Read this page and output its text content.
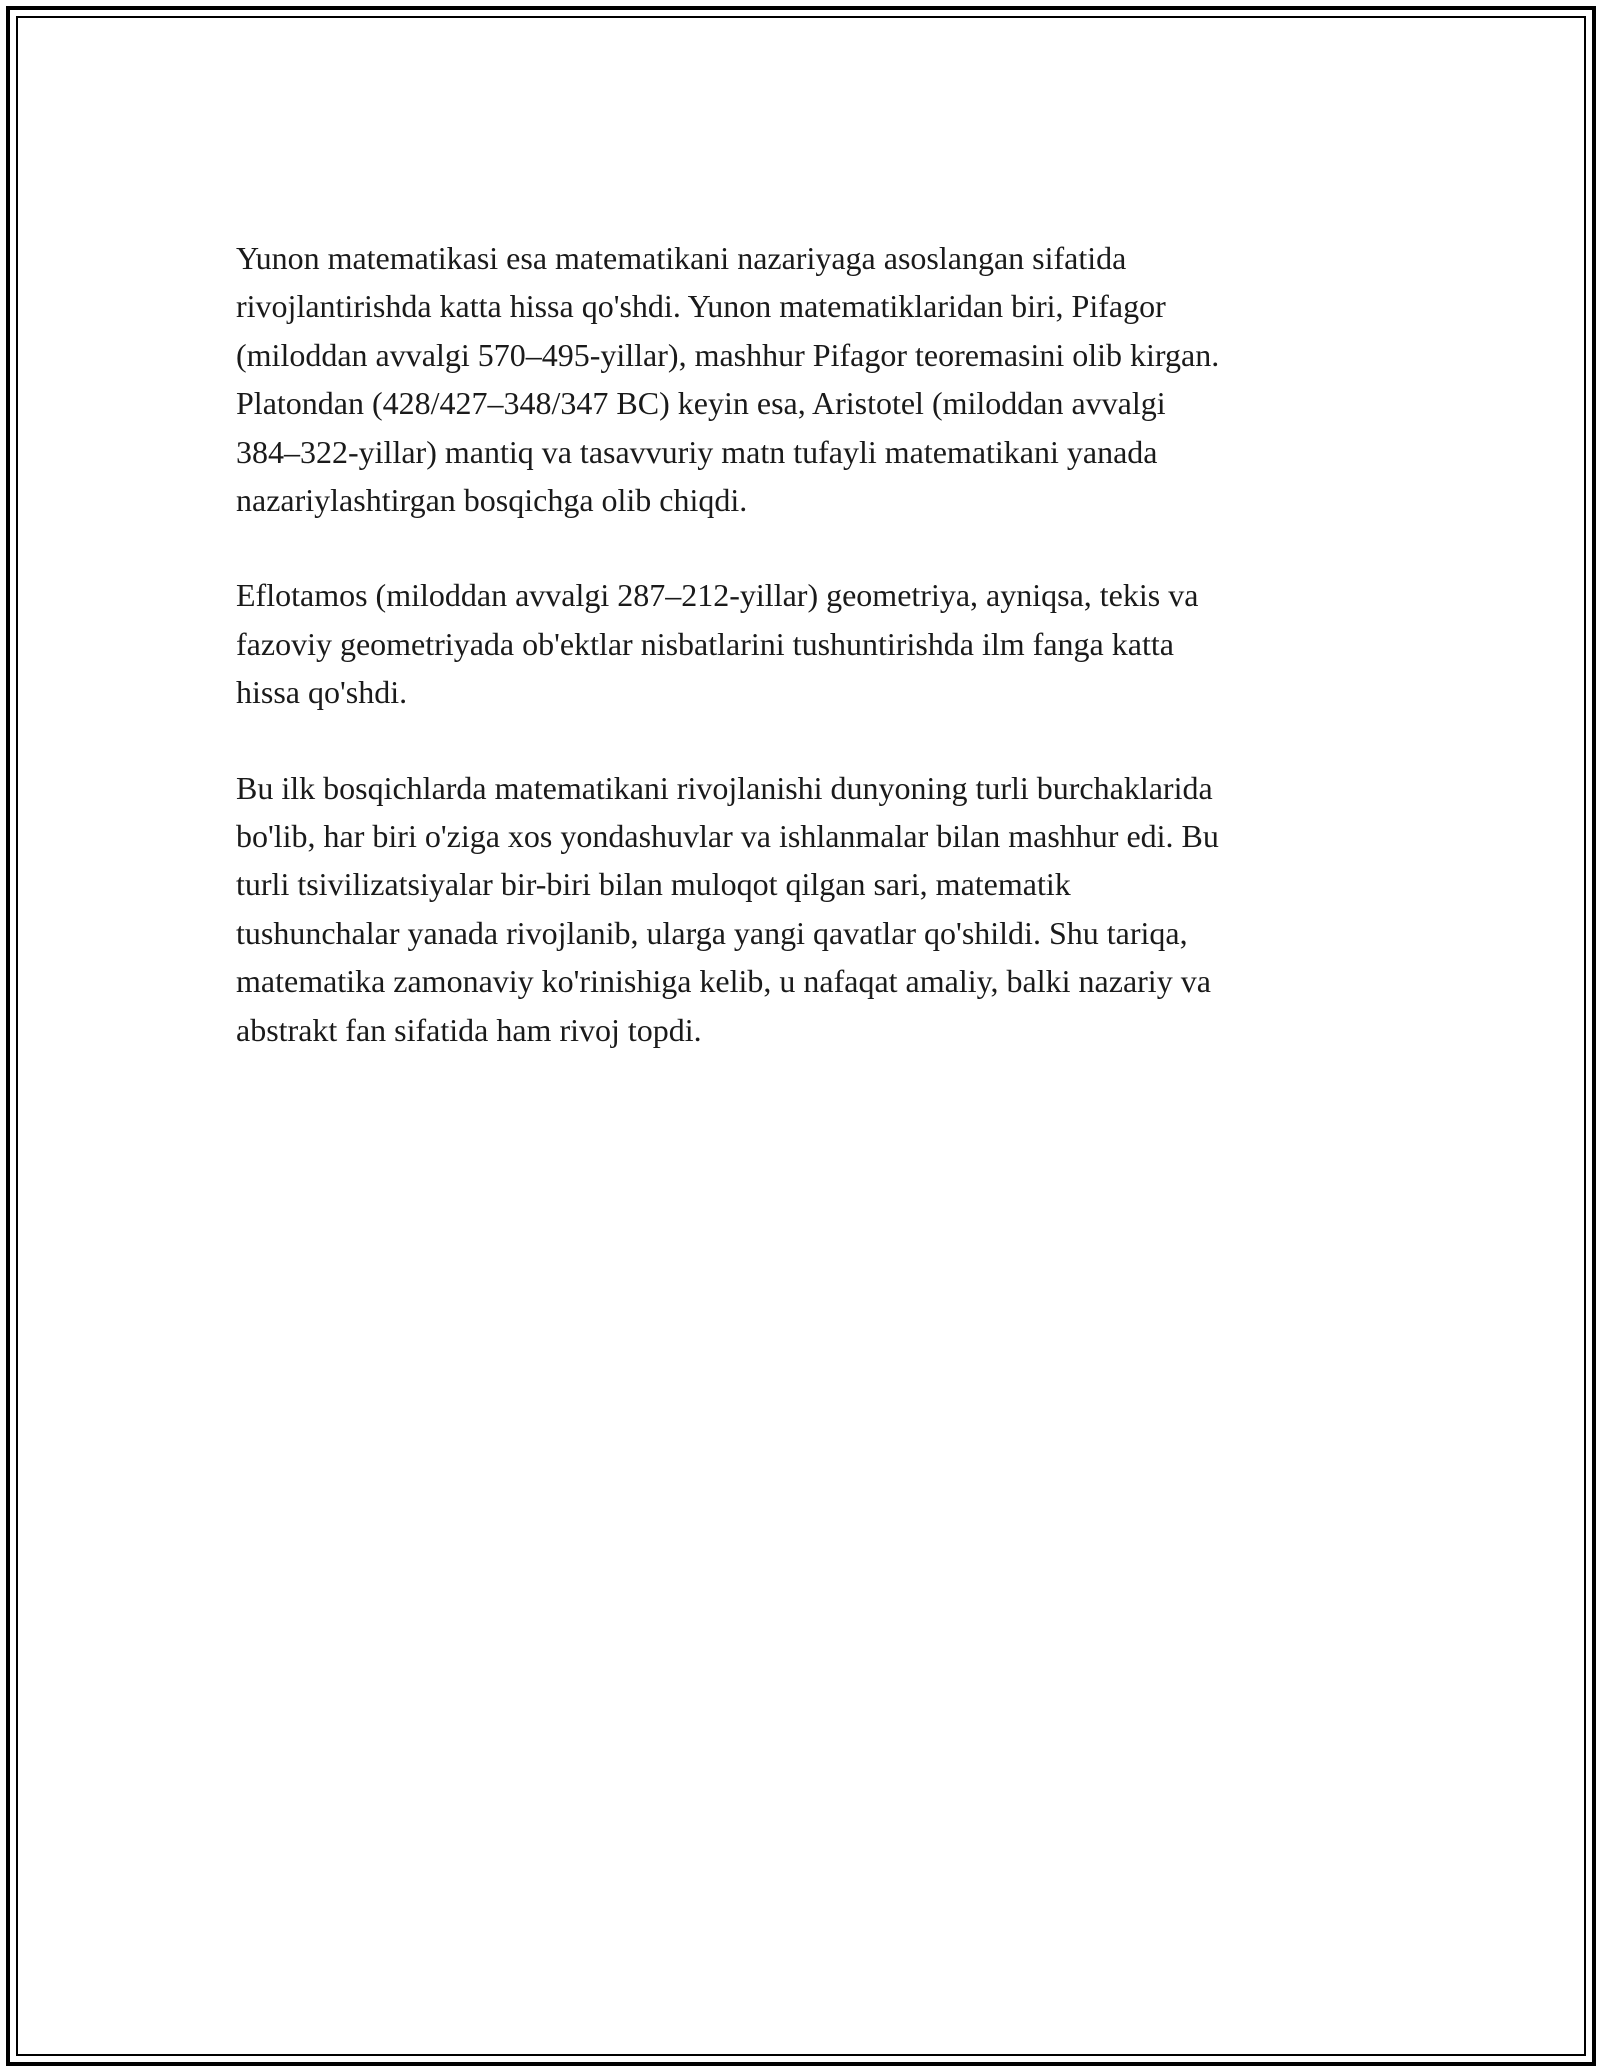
Yunon matematikasi esa matematikani nazariyaga asoslangan sifatida
rivojlantirishda katta hissa qo'shdi. Yunon matematiklaridan biri, Pifagor
(miloddan avvalgi 570–495-yillar), mashhur Pifagor teoremasini olib kirgan.
Platondan (428/427–348/347 BC) keyin esa, Aristotel (miloddan avvalgi
384–322-yillar) mantiq va tasavvuriy matn tufayli matematikani yanada
nazariylashtirgan bosqichga olib chiqdi.

Eflotamos (miloddan avvalgi 287–212-yillar) geometriya, ayniqsa, tekis va
fazoviy geometriyada ob'ektlar nisbatlarini tushuntirishda ilm fanga katta
hissa qo'shdi.

Bu ilk bosqichlarda matematikani rivojlanishi dunyoning turli burchaklarida
bo'lib, har biri o'ziga xos yondashuvlar va ishlanmalar bilan mashhur edi. Bu
turli tsivilizatsiyalar bir-biri bilan muloqot qilgan sari, matematik
tushunchalar yanada rivojlanib, ularga yangi qavatlar qo'shildi. Shu tariqa,
matematika zamonaviy ko'rinishiga kelib, u nafaqat amaliy, balki nazariy va
abstrakt fan sifatida ham rivoj topdi.
